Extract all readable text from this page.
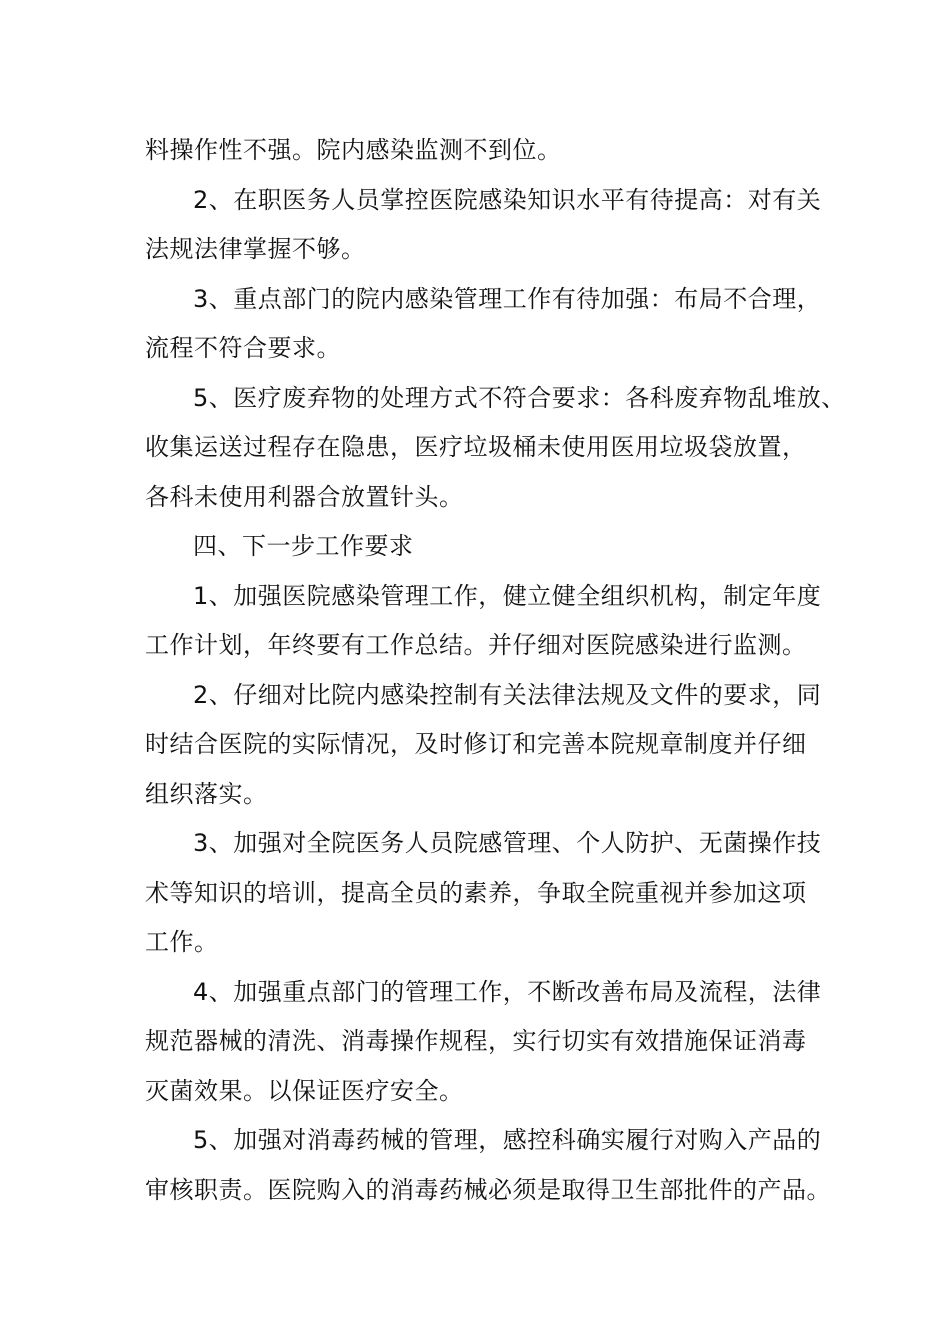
料操作性不强。院内感染监测不到位。
2、在职医务人员掌控医院感染知识水平有待提高：对有关
法规法律掌握不够。
3、重点部门的院内感染管理工作有待加强：布局不合理，
流程不符合要求。
5、医疗废弃物的处理方式不符合要求：各科废弃物乱堆放、
收集运送过程存在隐患，医疗垃圾桶未使用医用垃圾袋放置，
各科未使用利器合放置针头。
四、下一步工作要求
1、加强医院感染管理工作，健立健全组织机构，制定年度
工作计划，年终要有工作总结。并仔细对医院感染进行监测。
2、仔细对比院内感染控制有关法律法规及文件的要求，同
时结合医院的实际情况，及时修订和完善本院规章制度并仔细
组织落实。
3、加强对全院医务人员院感管理、个人防护、无菌操作技
术等知识的培训，提高全员的素养，争取全院重视并参加这项
工作。
4、加强重点部门的管理工作，不断改善布局及流程，法律
规范器械的清洗、消毒操作规程，实行切实有效措施保证消毒
灭菌效果。以保证医疗安全。
5、加强对消毒药械的管理，感控科确实履行对购入产品的
审核职责。医院购入的消毒药械必须是取得卫生部批件的产品。
